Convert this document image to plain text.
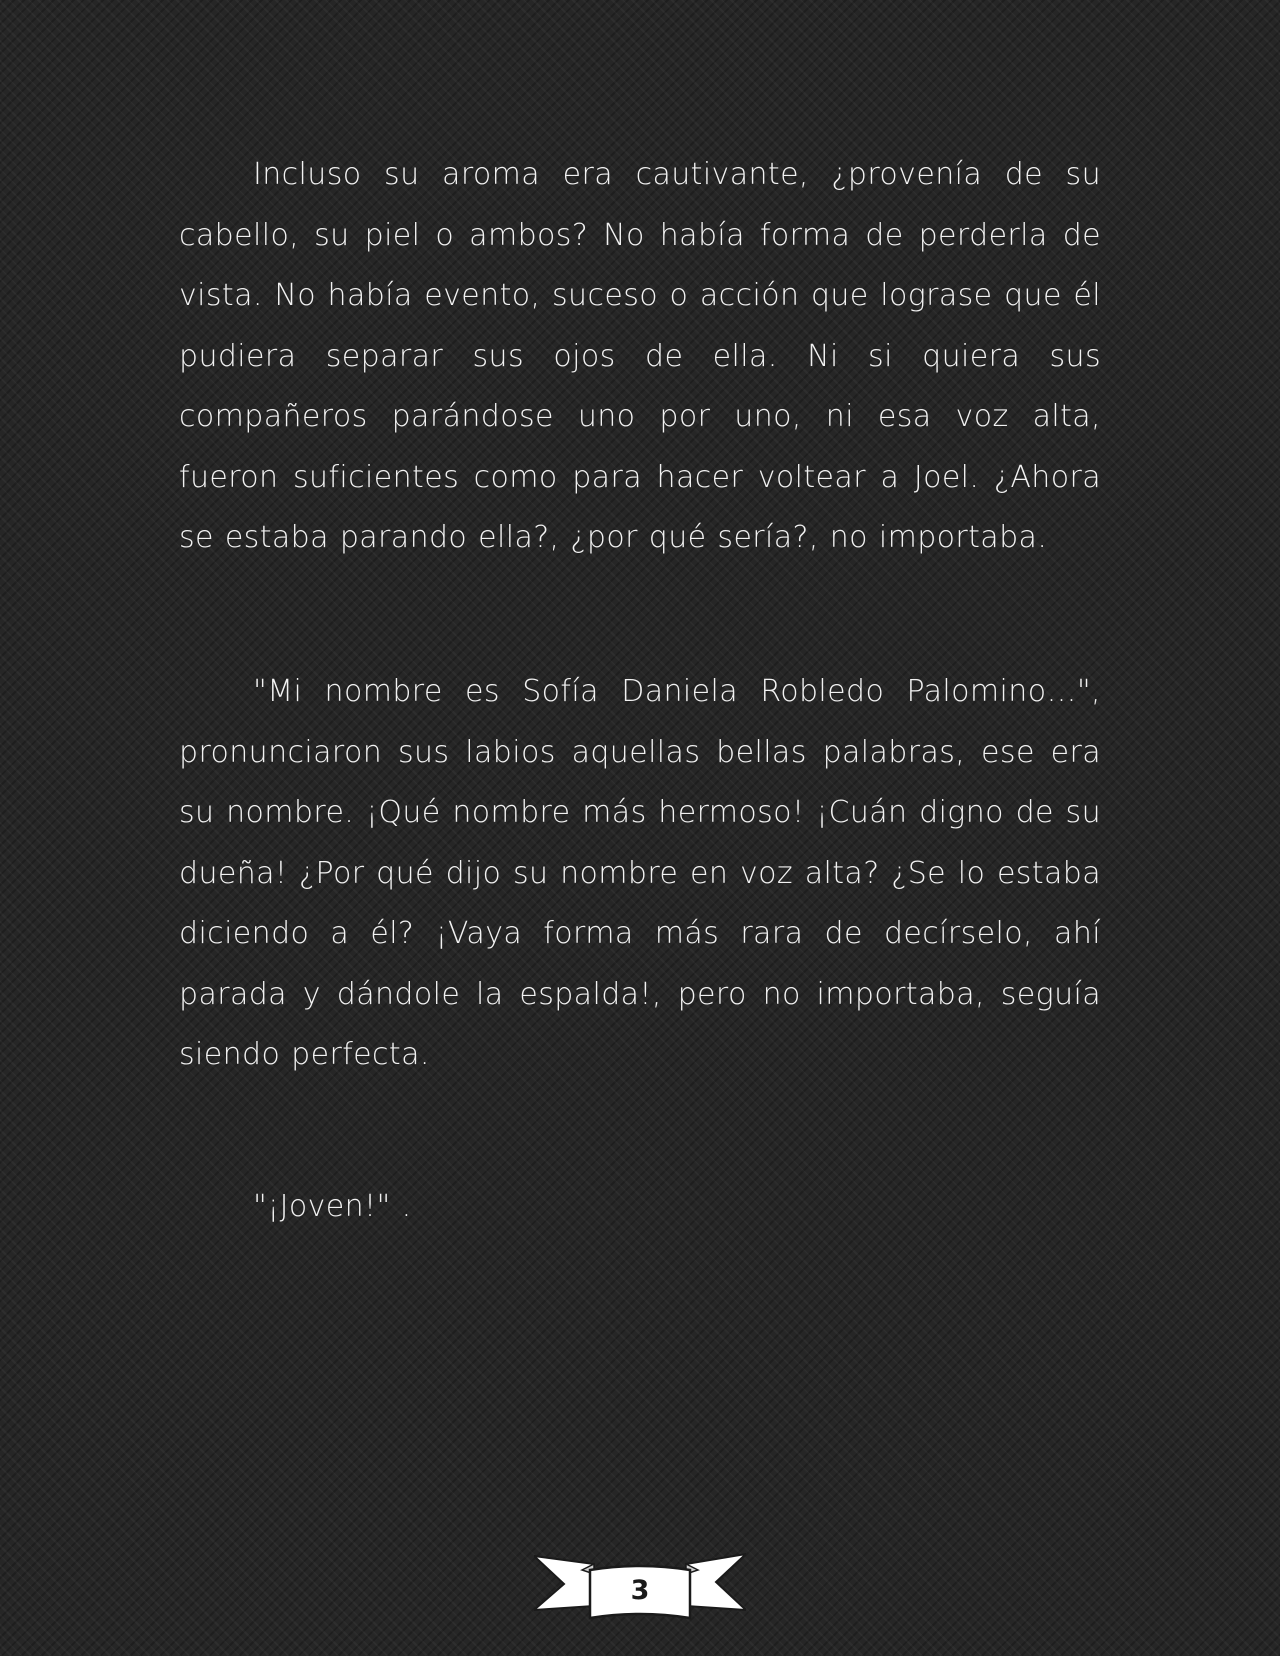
Incluso su aroma era cautivante, ¿provenía de su cabello, su piel o ambos? No había forma de perderla de vista. No había evento, suceso o acción que lograse que él pudiera separar sus ojos de ella. Ni si quiera sus compañeros parándose uno por uno, ni esa voz alta, fueron suficientes como para hacer voltear a Joel. ¿Ahora se estaba parando ella?, ¿por qué sería?, no importaba.

"Mi nombre es Sofía Daniela Robledo Palomino…", pronunciaron sus labios aquellas bellas palabras, ese era su nombre. ¡Qué nombre más hermoso! ¡Cuán digno de su dueña! ¿Por qué dijo su nombre en voz alta? ¿Se lo estaba diciendo a él? ¡Vaya forma más rara de decírselo, ahí parada y dándole la espalda!, pero no importaba, seguía siendo perfecta.

"¡Joven!" .

3
